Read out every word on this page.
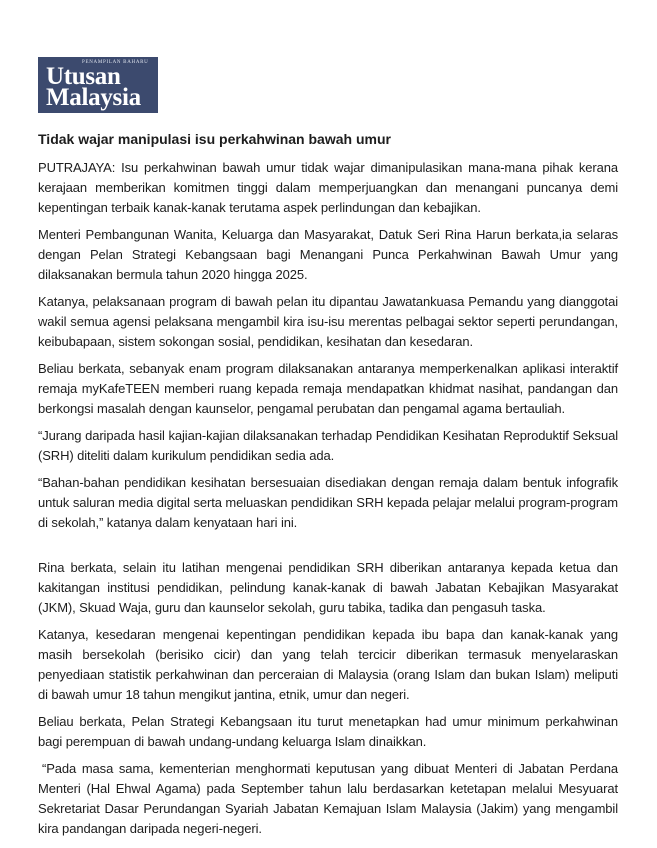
PENAMPILAN BAHARU
Utusan
Malaysia
Tidak wajar manipulasi isu perkahwinan bawah umur

PUTRAJAYA: Isu perkahwinan bawah umur tidak wajar dimanipulasikan mana-mana pihak kerana kerajaan memberikan komitmen tinggi dalam memperjuangkan dan menangani puncanya demi kepentingan terbaik kanak-kanak terutama aspek perlindungan dan kebajikan.

Menteri Pembangunan Wanita, Keluarga dan Masyarakat, Datuk Seri Rina Harun berkata,ia selaras dengan Pelan Strategi Kebangsaan bagi Menangani Punca Perkahwinan Bawah Umur yang dilaksanakan bermula tahun 2020 hingga 2025.

Katanya, pelaksanaan program di bawah pelan itu dipantau Jawatankuasa Pemandu yang dianggotai wakil semua agensi pelaksana mengambil kira isu-isu merentas pelbagai sektor seperti perundangan, keibubapaan, sistem sokongan sosial, pendidikan, kesihatan dan kesedaran.

Beliau berkata, sebanyak enam program dilaksanakan antaranya memperkenalkan aplikasi interaktif remaja myKafeTEEN memberi ruang kepada remaja mendapatkan khidmat nasihat, pandangan dan berkongsi masalah dengan kaunselor, pengamal perubatan dan pengamal agama bertauliah.

“Jurang daripada hasil kajian-kajian dilaksanakan terhadap Pendidikan Kesihatan Reproduktif Seksual (SRH) diteliti dalam kurikulum pendidikan sedia ada.

“Bahan-bahan pendidikan kesihatan bersesuaian disediakan dengan remaja dalam bentuk infografik untuk saluran media digital serta meluaskan pendidikan SRH kepada pelajar melalui program-program di sekolah,” katanya dalam kenyataan hari ini.

Rina berkata, selain itu latihan mengenai pendidikan SRH diberikan antaranya kepada ketua dan kakitangan institusi pendidikan, pelindung kanak-kanak di bawah Jabatan Kebajikan Masyarakat (JKM), Skuad Waja, guru dan kaunselor sekolah, guru tabika, tadika dan pengasuh taska.

Katanya, kesedaran mengenai kepentingan pendidikan kepada ibu bapa dan kanak-kanak yang masih bersekolah (berisiko cicir) dan yang telah tercicir diberikan termasuk menyelaraskan penyediaan statistik perkahwinan dan perceraian di Malaysia (orang Islam dan bukan Islam) meliputi di bawah umur 18 tahun mengikut jantina, etnik, umur dan negeri.

Beliau berkata, Pelan Strategi Kebangsaan itu turut menetapkan had umur minimum perkahwinan bagi perempuan di bawah undang-undang keluarga Islam dinaikkan.

“Pada masa sama, kementerian menghormati keputusan yang dibuat Menteri di Jabatan Perdana Menteri (Hal Ehwal Agama) pada September tahun lalu berdasarkan ketetapan melalui Mesyuarat Sekretariat Dasar Perundangan Syariah Jabatan Kemajuan Islam Malaysia (Jakim) yang mengambil kira pandangan daripada negeri-negeri.
